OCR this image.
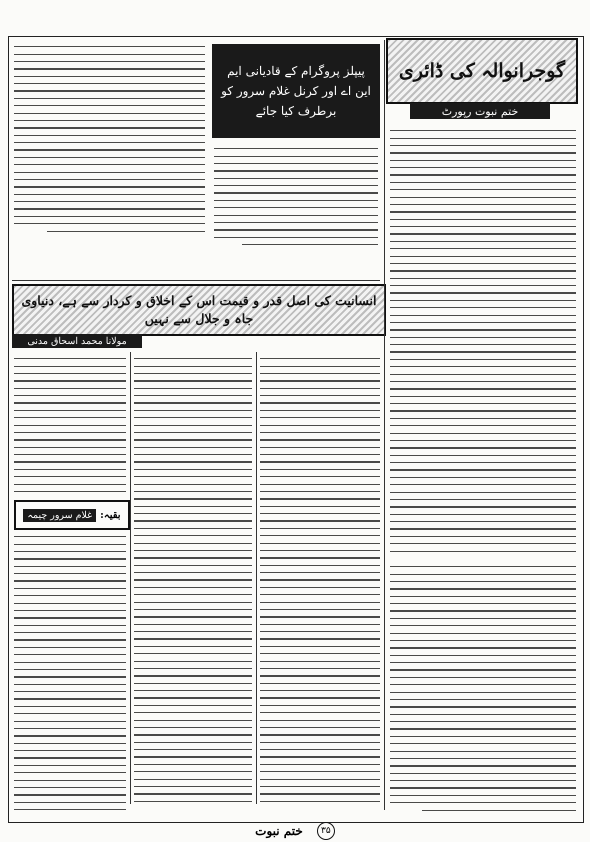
گوجرانوالہ کی ڈائری
ختم نبوت رپورٹ
پیپلز پروگرام کے قادیانی ایم این اے اور کرنل غلام سرور کو برطرف کیا جائے
انسانیت کی اصل قدر و قیمت اس کے اخلاق و کردار سے ہے، دنیاوی جاہ و جلال سے نہیں
مولانا محمد اسحاق مدنی
بقیہ:
غلام سرور چیمہ
۳۵
ختم نبوت
